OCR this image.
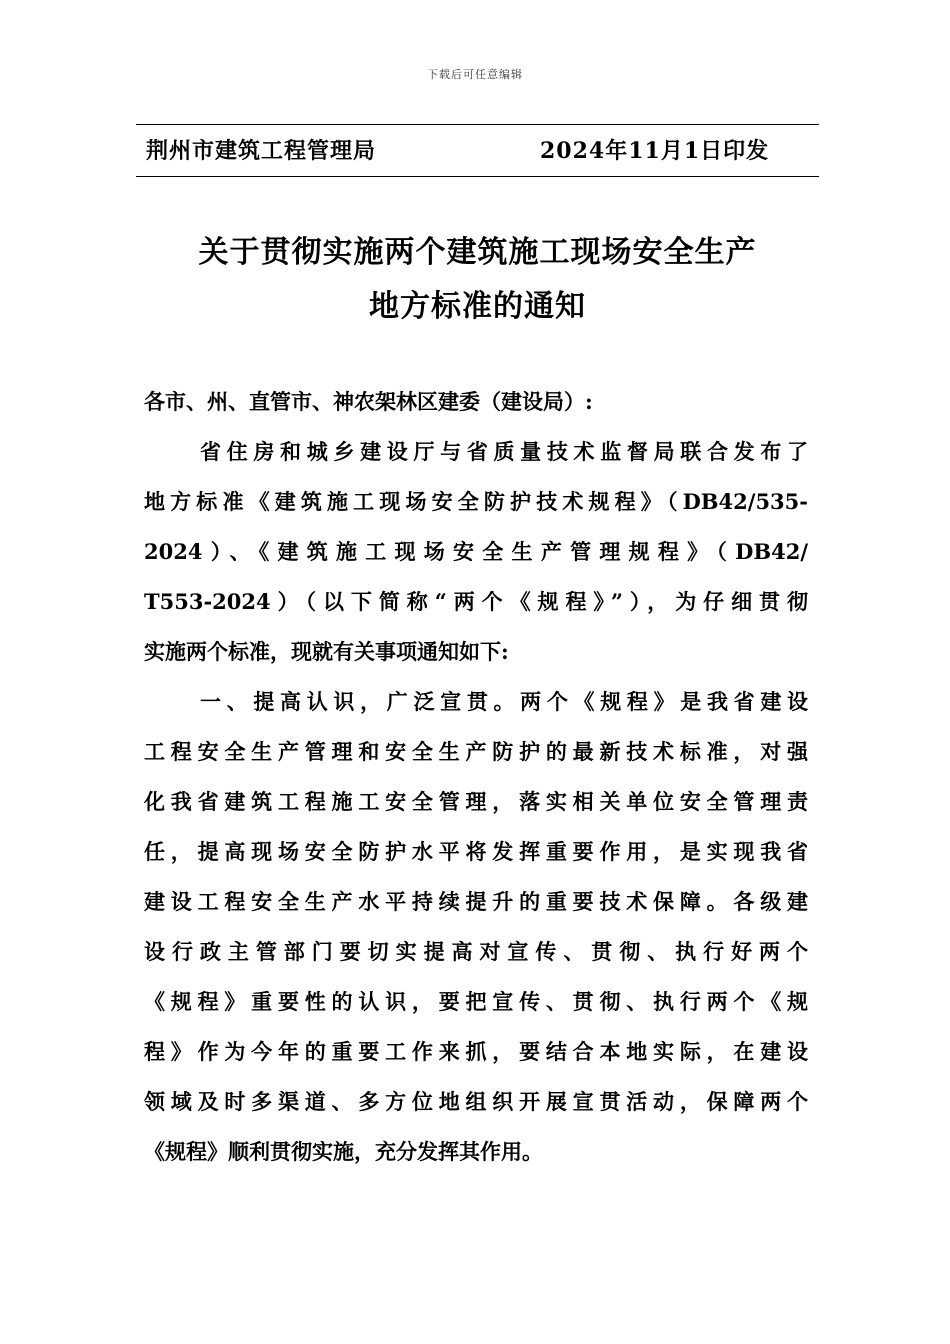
下载后可任意编辑
荆州市建筑工程管理局	2024年11月1日印发
关于贯彻实施两个建筑施工现场安全生产
地方标准的通知
各市、州、直管市、神农架林区建委（建设局）:
省住房和城乡建设厅与省质量技术监督局联合发布了
地方标准《建筑施工现场安全防护技术规程》（DB42/535-
2024）、《建筑施工现场安全生产管理规程》（DB42/
T553-2024）（以下简称“两个《规程》”），为仔细贯彻
实施两个标准，现就有关事项通知如下:
一、提高认识，广泛宣贯。两个《规程》是我省建设
工程安全生产管理和安全生产防护的最新技术标准，对强
化我省建筑工程施工安全管理，落实相关单位安全管理责
任，提高现场安全防护水平将发挥重要作用，是实现我省
建设工程安全生产水平持续提升的重要技术保障。各级建
设行政主管部门要切实提高对宣传、贯彻、执行好两个
《规程》重要性的认识，要把宣传、贯彻、执行两个《规
程》作为今年的重要工作来抓，要结合本地实际，在建设
领域及时多渠道、多方位地组织开展宣贯活动，保障两个
《规程》顺利贯彻实施，充分发挥其作用。
